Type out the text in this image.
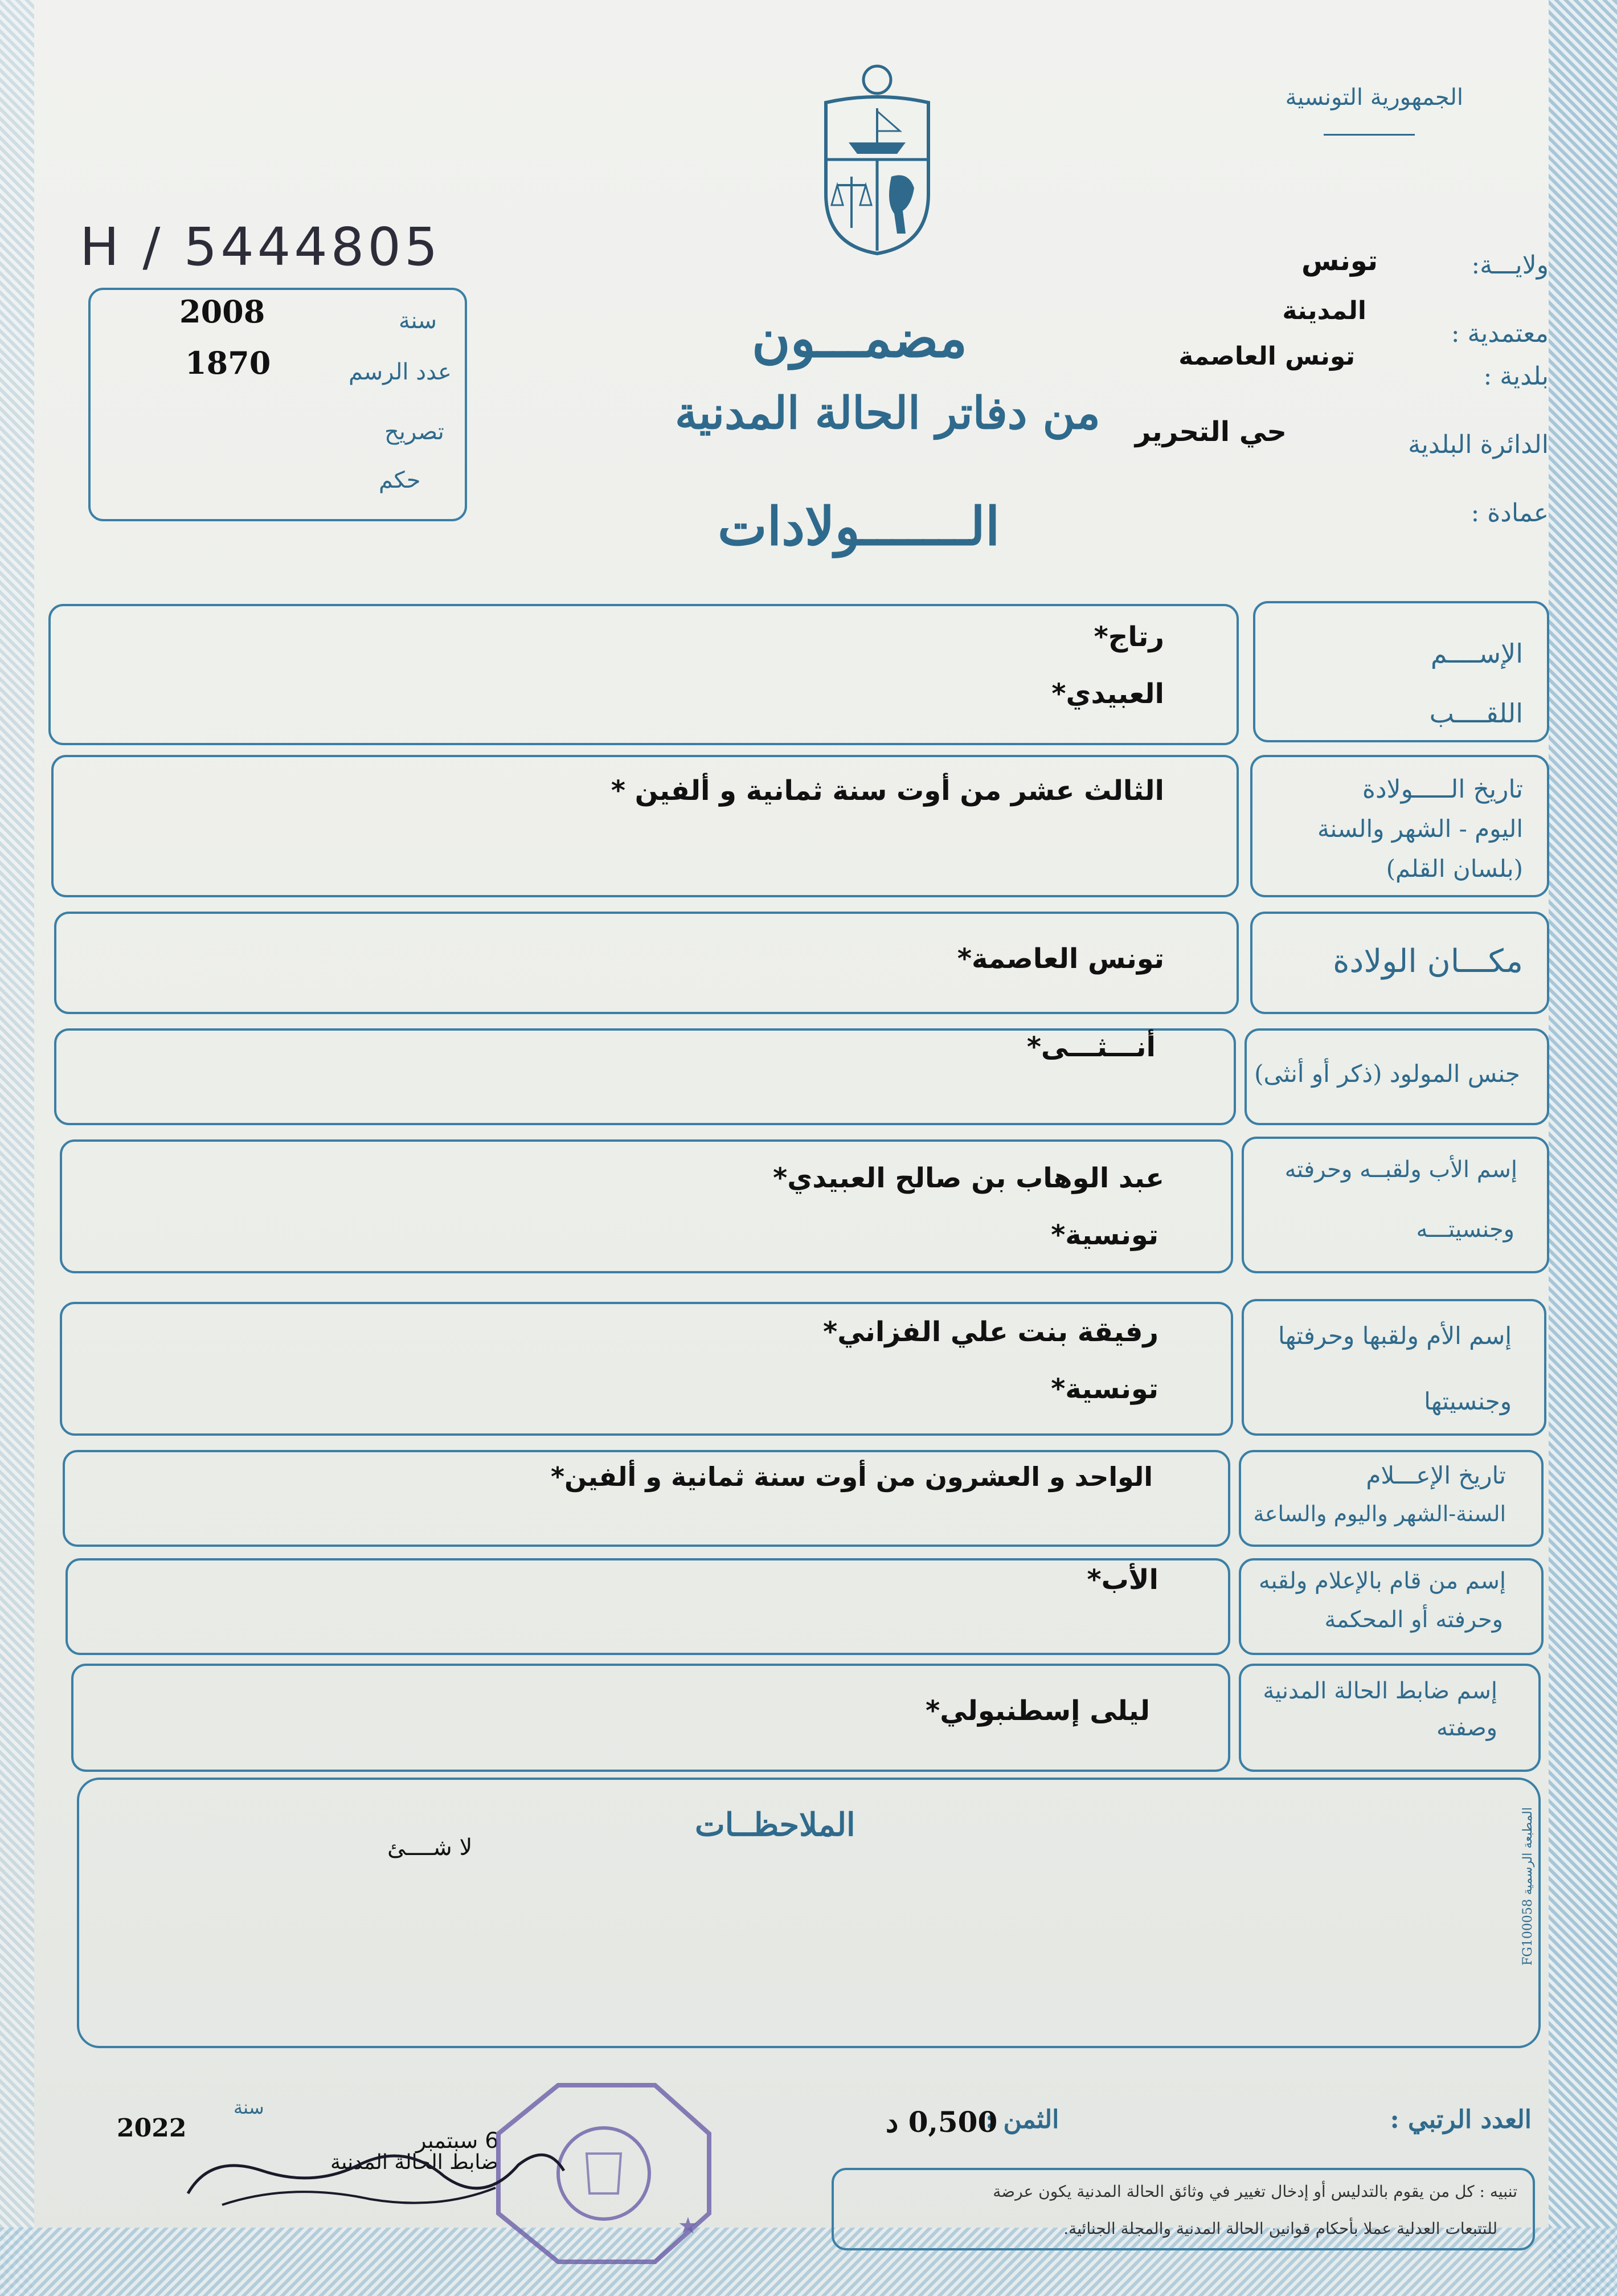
الجمهورية التونسية
H / 5444805
مضمـــون
من دفاتر الحالة المدنية
الـــــــولادات
ولايـــة:
تونس
معتمدية :
المدينة
بلدية :
تونس العاصمة
الدائرة البلدية
حي التحرير
عمادة :
سنة
2008
عدد الرسم
1870
تصريح
حكم
الإســــم
اللقــــب
رتاج*
العبيدي*
تاريخ الـــــولادة
اليوم - الشهر والسنة
(بلسان القلم)
الثالث عشر من أوت سنة ثمانية و ألفين *
مكـــان الولادة
تونس العاصمة*
جنس المولود (ذكر أو أنثى)
أنـــثـــى*
إسم الأب ولقبــه وحرفته
وجنسيتـــه
عبد الوهاب بن صالح العبيدي*
تونسية*
إسم الأم ولقبها وحرفتها
وجنسيتها
رفيقة بنت علي الفزاني*
تونسية*
تاريخ الإعـــلام
السنة-الشهر واليوم والساعة
الواحد و العشرون من أوت سنة ثمانية و ألفين*
إسم من قام بالإعلام ولقبه
وحرفته أو المحكمة
الأب*
إسم ضابط الحالة المدنية
وصفته
ليلى إسطنبولي*
الملاحظــات
لا شــــئ
المطبعة الرسمية FG100058
العدد الرتبي :
الثمن :
0,500 د
سنة
2022	6 سبتمبر
ضابط الحالة المدنية
تنبيه : كل من يقوم بالتدليس أو إدخال تغيير في وثائق الحالة المدنية يكون عرضة
للتتبعات العدلية عملا بأحكام قوانين الحالة المدنية والمجلة الجنائية.
★
